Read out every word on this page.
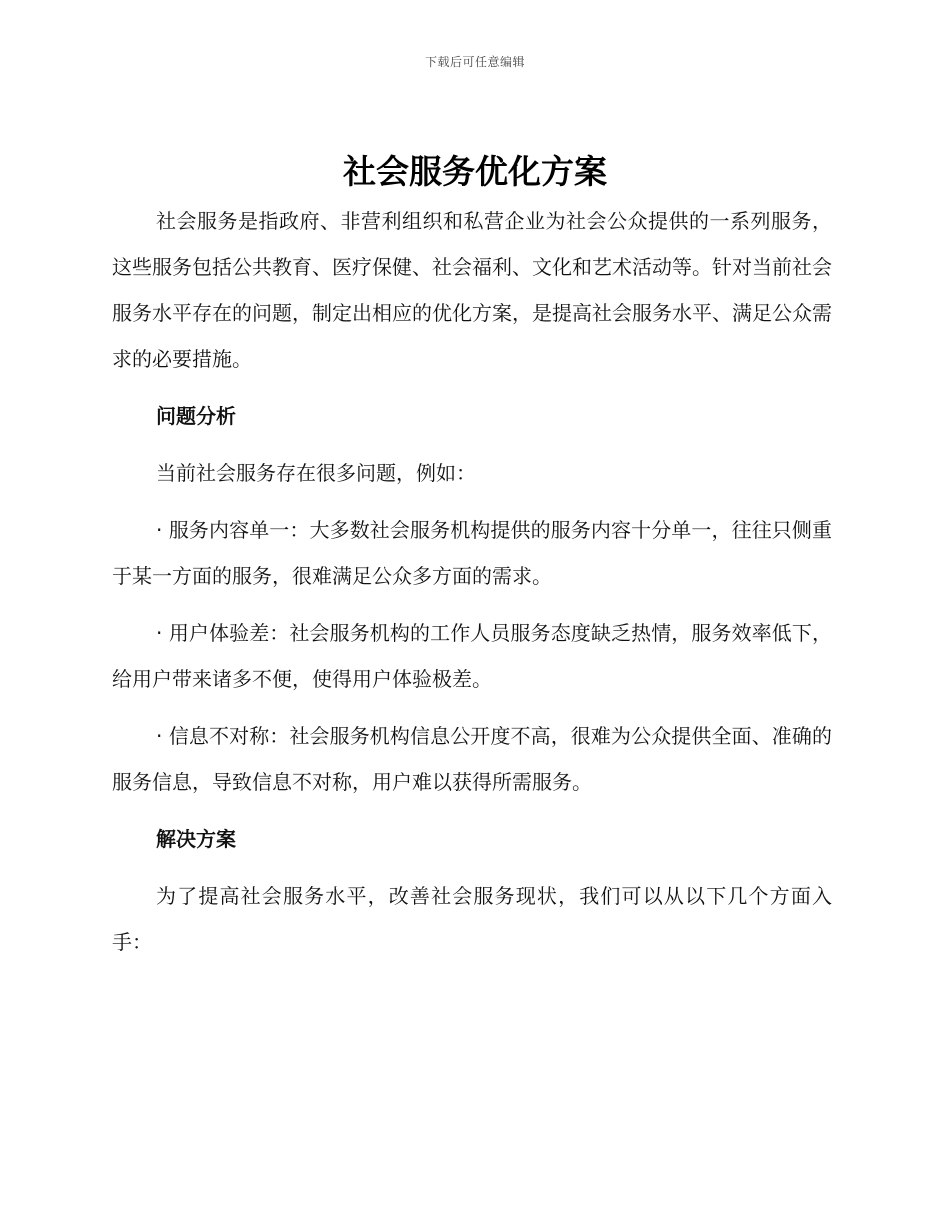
下载后可任意编辑
社会服务优化方案

社会服务是指政府、非营利组织和私营企业为社会公众提供的一系列服务，这些服务包括公共教育、医疗保健、社会福利、文化和艺术活动等。针对当前社会服务水平存在的问题，制定出相应的优化方案，是提高社会服务水平、满足公众需求的必要措施。

问题分析

当前社会服务存在很多问题，例如：

· 服务内容单一：大多数社会服务机构提供的服务内容十分单一，往往只侧重于某一方面的服务，很难满足公众多方面的需求。

· 用户体验差：社会服务机构的工作人员服务态度缺乏热情，服务效率低下，给用户带来诸多不便，使得用户体验极差。

· 信息不对称：社会服务机构信息公开度不高，很难为公众提供全面、准确的服务信息，导致信息不对称，用户难以获得所需服务。

解决方案

为了提高社会服务水平，改善社会服务现状，我们可以从以下几个方面入手：
